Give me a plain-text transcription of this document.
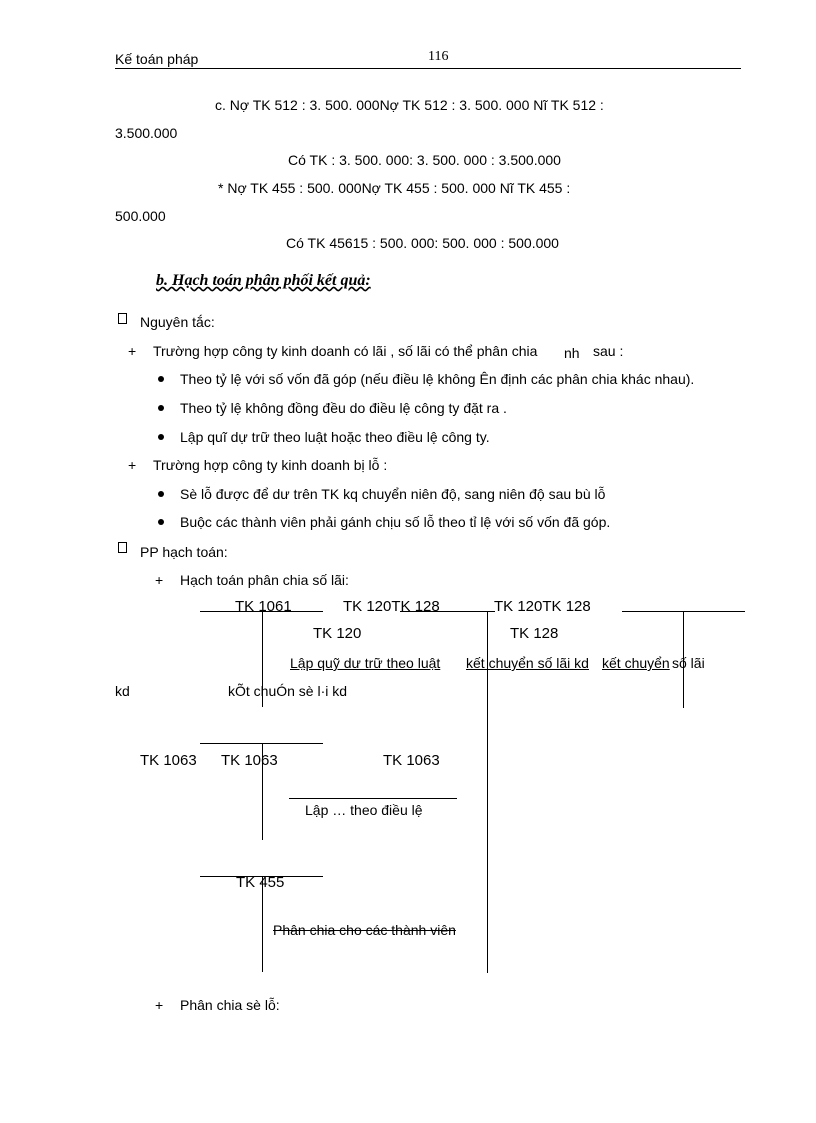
Kế toán pháp	116
c. Nợ TK 512 : 3. 500. 000Nợ TK 512 : 3. 500. 000 Nĩ TK 512 :
3.500.000
Có TK : 3. 500. 000: 3. 500. 000 : 3.500.000
* Nợ TK 455 : 500. 000Nợ TK 455 : 500. 000 Nĩ TK 455 :
500.000
Có TK 45615 : 500. 000: 500. 000 : 500.000
b. Hạch toán phân phối kết quả:
Nguyên tắc:
+ Trường hợp công ty kinh doanh có lãi , số lãi có thể phân chia nh sau :
Theo tỷ lệ với số vốn đã góp (nếu điều lệ không Ên định các phân chia khác nhau).
Theo tỷ lệ không đồng đều do điều lệ công ty đặt ra .
Lập quĩ dự trữ theo luật hoặc theo điều lệ công ty.
+ Trường hợp công ty kinh doanh bị lỗ :
Sè lỗ được để dư trên TK kq chuyển niên độ, sang niên độ sau bù lỗ
Buộc các thành viên phải gánh chịu số lỗ theo tỉ lệ với số vốn đã góp.
PP hạch toán:
+ Hạch toán phân chia số lãi:
TK 1061	TK 120TK 128	TK 120TK 128
TK 120	TK 128
Lập quỹ dư trữ theo luật kết chuyển số lãi kd kết chuyển số lãi
kd	kÕt chuÓn sè l·i kd
TK 1063 TK 1063	TK 1063
Lập … theo điều lệ
TK 455
Phân chia cho các thành viên
+ Phân chia sè lỗ:
